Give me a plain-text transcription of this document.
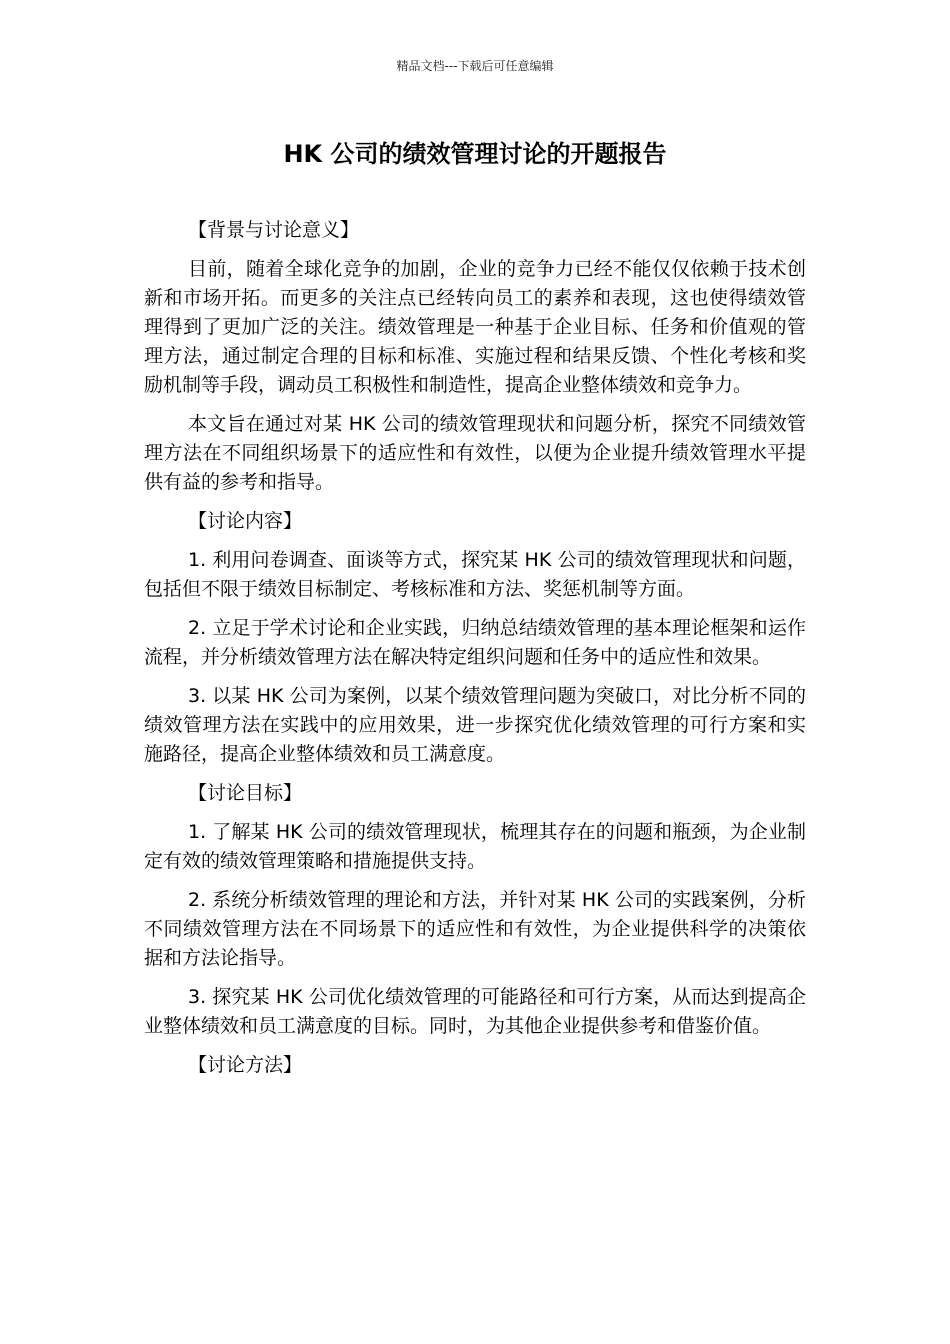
精品文档---下载后可任意编辑
HK 公司的绩效管理讨论的开题报告
【背景与讨论意义】

目前，随着全球化竞争的加剧，企业的竞争力已经不能仅仅依赖于技术创新和市场开拓。而更多的关注点已经转向员工的素养和表现，这也使得绩效管理得到了更加广泛的关注。绩效管理是一种基于企业目标、任务和价值观的管理方法，通过制定合理的目标和标准、实施过程和结果反馈、个性化考核和奖励机制等手段，调动员工积极性和制造性，提高企业整体绩效和竞争力。

本文旨在通过对某 HK 公司的绩效管理现状和问题分析，探究不同绩效管理方法在不同组织场景下的适应性和有效性，以便为企业提升绩效管理水平提供有益的参考和指导。

【讨论内容】

1. 利用问卷调查、面谈等方式，探究某 HK 公司的绩效管理现状和问题，包括但不限于绩效目标制定、考核标准和方法、奖惩机制等方面。

2. 立足于学术讨论和企业实践，归纳总结绩效管理的基本理论框架和运作流程，并分析绩效管理方法在解决特定组织问题和任务中的适应性和效果。

3. 以某 HK 公司为案例，以某个绩效管理问题为突破口，对比分析不同的绩效管理方法在实践中的应用效果，进一步探究优化绩效管理的可行方案和实施路径，提高企业整体绩效和员工满意度。

【讨论目标】

1. 了解某 HK 公司的绩效管理现状，梳理其存在的问题和瓶颈，为企业制定有效的绩效管理策略和措施提供支持。

2. 系统分析绩效管理的理论和方法，并针对某 HK 公司的实践案例，分析不同绩效管理方法在不同场景下的适应性和有效性，为企业提供科学的决策依据和方法论指导。

3. 探究某 HK 公司优化绩效管理的可能路径和可行方案，从而达到提高企业整体绩效和员工满意度的目标。同时，为其他企业提供参考和借鉴价值。

【讨论方法】
